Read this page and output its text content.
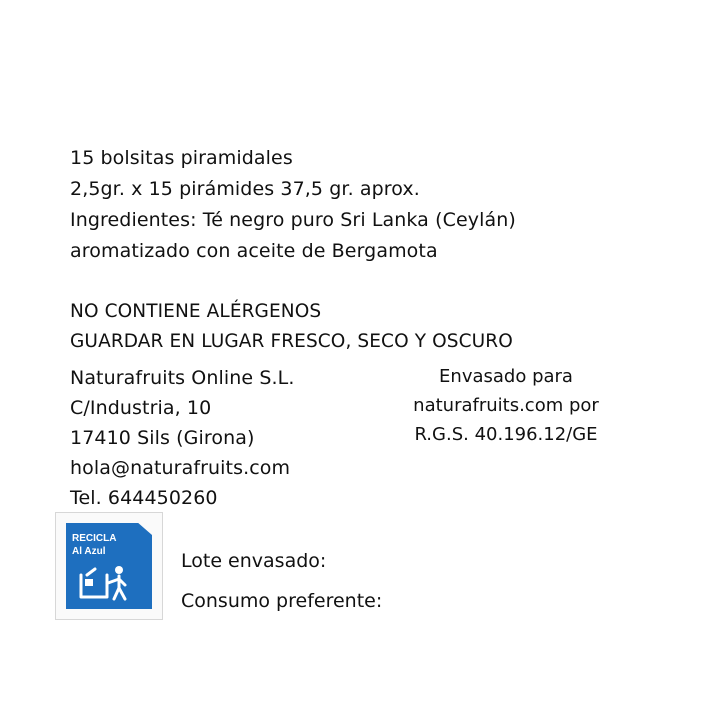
15 bolsitas piramidales
2,5gr. x 15 pirámides 37,5 gr. aprox.
Ingredientes: Té negro puro Sri Lanka (Ceylán)
aromatizado con aceite de Bergamota
NO CONTIENE ALÉRGENOS
GUARDAR EN LUGAR FRESCO, SECO Y OSCURO
Naturafruits Online S.L.
C/Industria, 10
17410 Sils (Girona)
hola@naturafruits.com
Tel. 644450260
Envasado para
naturafruits.com por
R.G.S. 40.196.12/GE
RECICLA
Al Azul	Lote envasado:
Consumo preferente:
